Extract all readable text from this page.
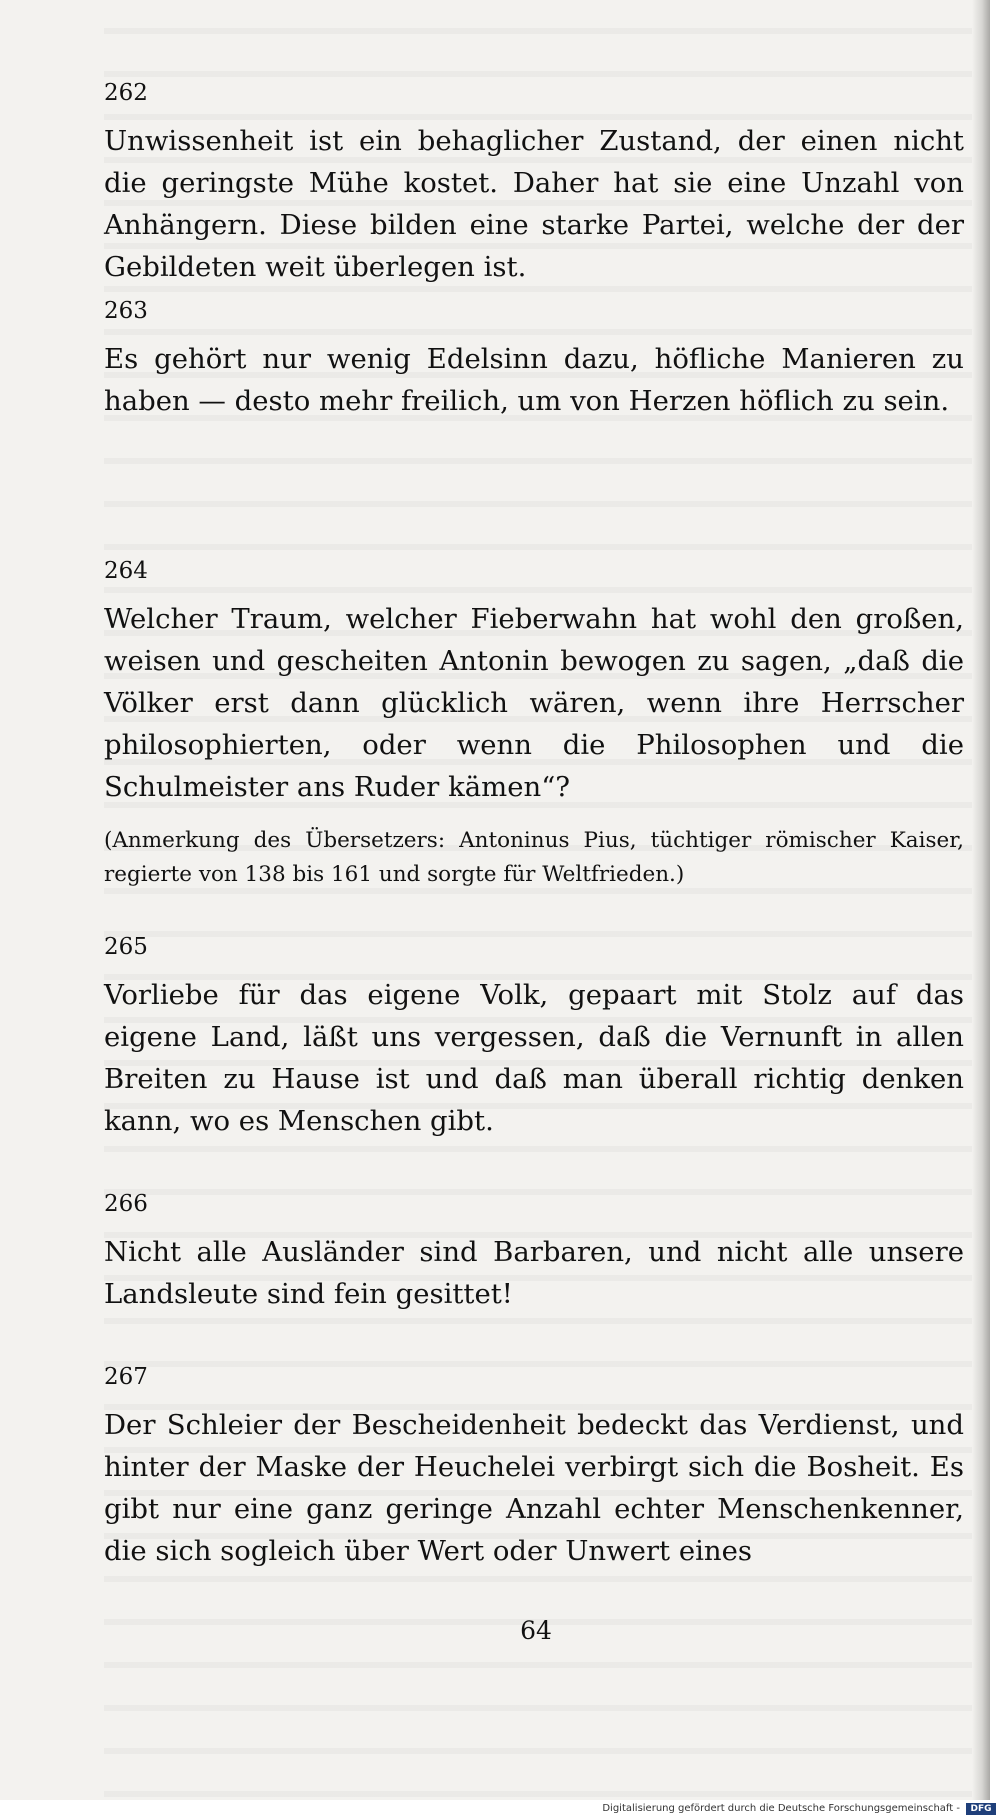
262

Unwissenheit ist ein behaglicher Zustand, der einen nicht die geringste Mühe kostet. Daher hat sie eine Unzahl von Anhängern. Diese bilden eine starke Partei, welche der der Gebildeten weit überlegen ist.

263

Es gehört nur wenig Edelsinn dazu, höfliche Manieren zu haben — desto mehr freilich, um von Herzen höflich zu sein.

264

Welcher Traum, welcher Fieberwahn hat wohl den großen, weisen und gescheiten Antonin bewogen zu sagen, „daß die Völker erst dann glücklich wären, wenn ihre Herrscher philosophierten, oder wenn die Philosophen und die Schulmeister ans Ruder kämen“?

(Anmerkung des Übersetzers: Antoninus Pius, tüchtiger römischer Kaiser, regierte von 138 bis 161 und sorgte für Weltfrieden.)

265

Vorliebe für das eigene Volk, gepaart mit Stolz auf das eigene Land, läßt uns vergessen, daß die Vernunft in allen Breiten zu Hause ist und daß man überall richtig denken kann, wo es Menschen gibt.

266

Nicht alle Ausländer sind Barbaren, und nicht alle unsere Landsleute sind fein gesittet!

267

Der Schleier der Bescheidenheit bedeckt das Verdienst, und hinter der Maske der Heuchelei verbirgt sich die Bosheit. Es gibt nur eine ganz geringe Anzahl echter Menschenkenner, die sich sogleich über Wert oder Unwert eines

64
Digitalisierung gefördert durch die Deutsche Forschungsgemeinschaft -	DFG
